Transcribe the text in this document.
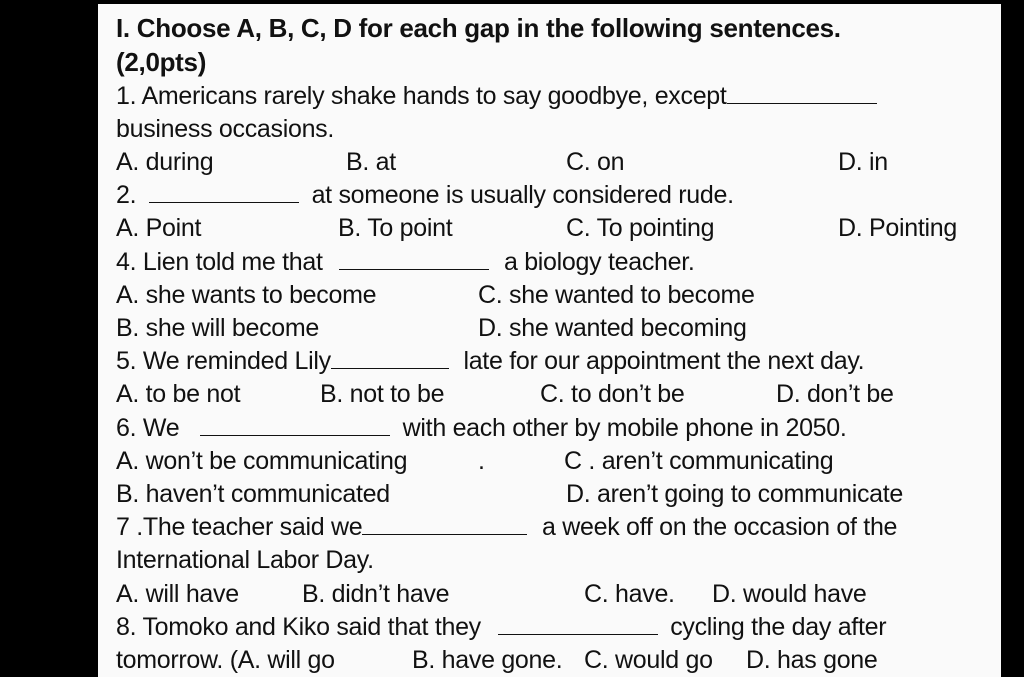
I. Choose A, B, C, D for each gap in the following sentences.
(2,0pts)
1. Americans rarely shake hands to say goodbye, except
business occasions.
A. during	B. at	C. on	D. in
2.	at someone is usually considered rude.
A. Point	B. To point	C. To pointing	D. Pointing
4. Lien told me that	a biology teacher.
A. she wants to become	C. she wanted to become
B. she will become	D. she wanted becoming
5. We reminded Lily	late for our appointment the next day.
A. to be not	B. not to be	C. to don’t be	D. don’t be
6. We	with each other by mobile phone in 2050.
A. won’t be communicating	.	C . aren’t communicating
B. haven’t communicated	D. aren’t going to communicate
7 .The teacher said we	a week off on the occasion of the
International Labor Day.
A. will have	B. didn’t have	C. have. D. would have
8. Tomoko and Kiko said that they	cycling the day after
tomorrow. (A. will go	B. have gone. C. would go D. has gone
